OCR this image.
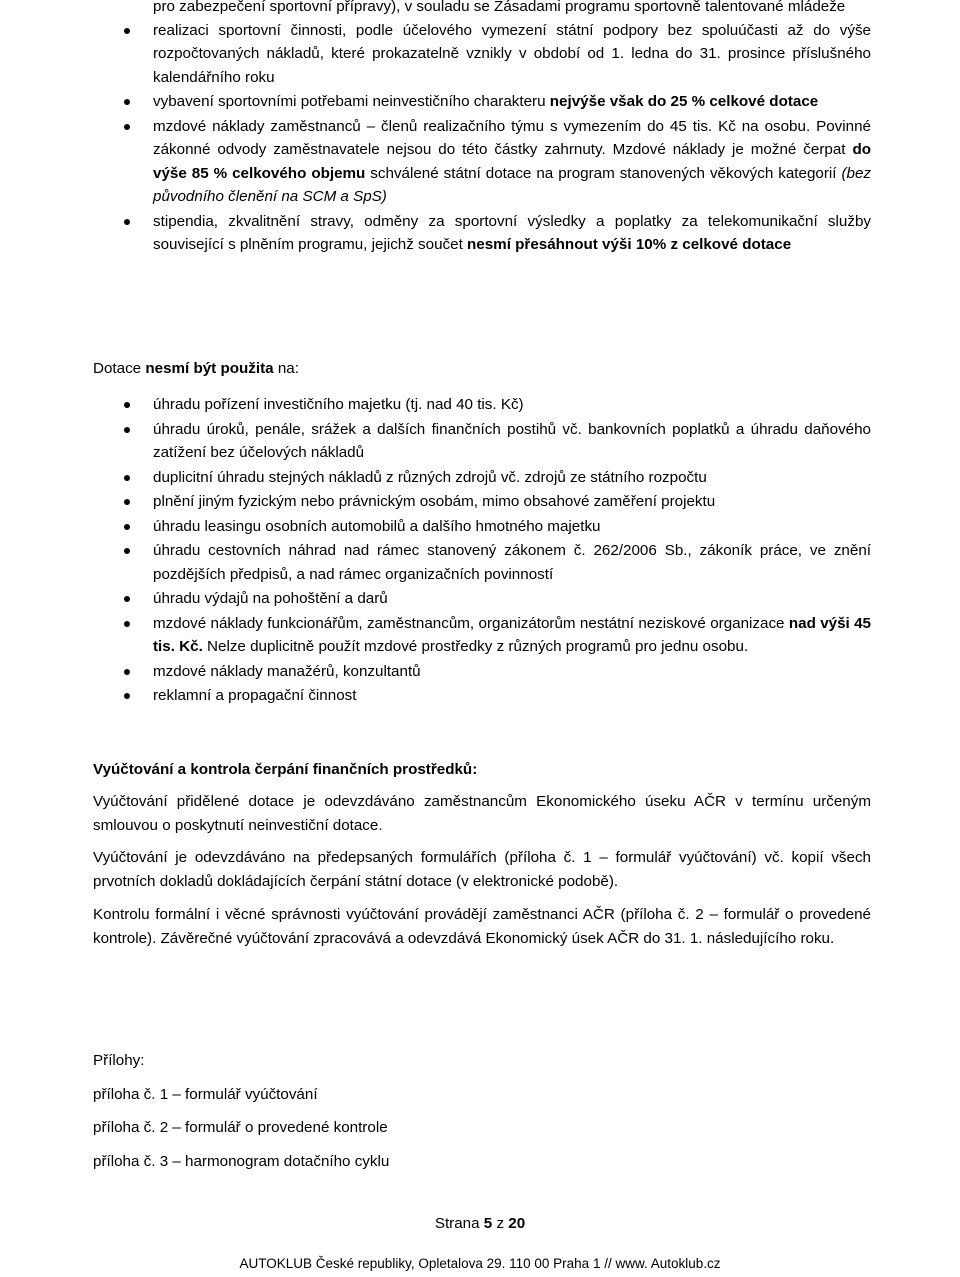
pro zabezpečení sportovní přípravy), v souladu se Zásadami programu sportovně talentované mládeže
realizaci sportovní činnosti, podle účelového vymezení státní podpory bez spoluúčasti až do výše rozpočtovaných nákladů, které prokazatelně vznikly v období od 1. ledna do 31. prosince příslušného kalendářního roku
vybavení sportovními potřebami neinvestičního charakteru nejvýše však do 25 % celkové dotace
mzdové náklady zaměstnanců – členů realizačního týmu s vymezením do 45 tis. Kč na osobu. Povinné zákonné odvody zaměstnavatele nejsou do této částky zahrnuty. Mzdové náklady je možné čerpat do výše 85 % celkového objemu schválené státní dotace na program stanovených věkových kategorií (bez původního členění na SCM a SpS)
stipendia, zkvalitnění stravy, odměny za sportovní výsledky a poplatky za telekomunikační služby související s plněním programu, jejichž součet nesmí přesáhnout výši 10% z celkové dotace

Dotace nesmí být použita na:

úhradu pořízení investičního majetku (tj. nad 40 tis. Kč)
úhradu úroků, penále, srážek a dalších finančních postihů vč. bankovních poplatků a úhradu daňového zatížení bez účelových nákladů
duplicitní úhradu stejných nákladů z různých zdrojů vč. zdrojů ze státního rozpočtu
plnění jiným fyzickým nebo právnickým osobám, mimo obsahové zaměření projektu
úhradu leasingu osobních automobilů a dalšího hmotného majetku
úhradu cestovních náhrad nad rámec stanovený zákonem č. 262/2006 Sb., zákoník práce, ve znění pozdějších předpisů, a nad rámec organizačních povinností
úhradu výdajů na pohoštění a darů
mzdové náklady funkcionářům, zaměstnancům, organizátorům nestátní neziskové organizace nad výši 45 tis. Kč. Nelze duplicitně použít mzdové prostředky z různých programů pro jednu osobu.
mzdové náklady manažérů, konzultantů
reklamní a propagační činnost

Vyúčtování a kontrola čerpání finančních prostředků:

Vyúčtování přidělené dotace je odevzdáváno zaměstnancům Ekonomického úseku AČR v termínu určeným smlouvou o poskytnutí neinvestiční dotace.

Vyúčtování je odevzdáváno na předepsaných formulářích (příloha č. 1 – formulář vyúčtování) vč. kopií všech prvotních dokladů dokládajících čerpání státní dotace (v elektronické podobě).

Kontrolu formální i věcné správnosti vyúčtování provádějí zaměstnanci AČR (příloha č. 2 – formulář o provedené kontrole). Závěrečné vyúčtování zpracovává a odevzdává Ekonomický úsek AČR do 31. 1. následujícího roku.

Přílohy:

příloha č. 1 – formulář vyúčtování

příloha č. 2 – formulář o provedené kontrole

příloha č. 3 – harmonogram dotačního cyklu

Strana 5 z 20
AUTOKLUB České republiky, Opletalova 29. 110 00 Praha 1 // www. Autoklub.cz
